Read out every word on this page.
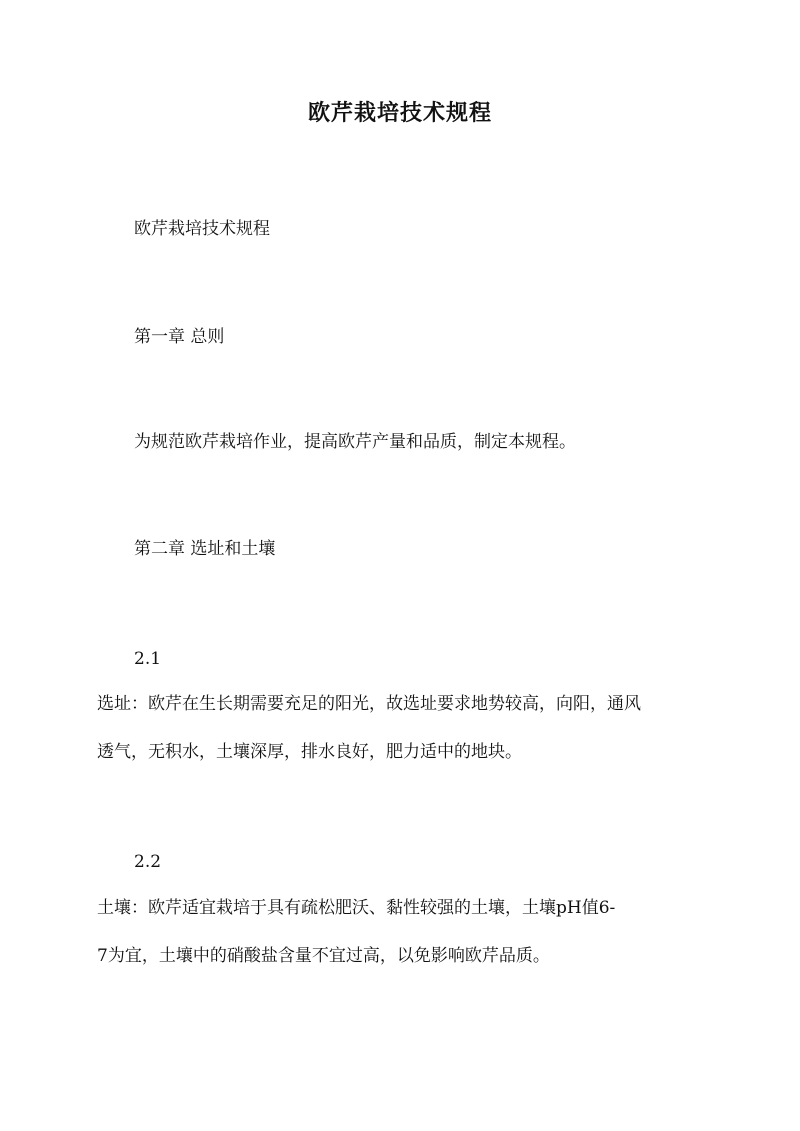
欧芹栽培技术规程
欧芹栽培技术规程
第一章 总则
为规范欧芹栽培作业，提高欧芹产量和品质，制定本规程。
第二章 选址和土壤
2.1
选址：欧芹在生长期需要充足的阳光，故选址要求地势较高，向阳，通风
透气，无积水，土壤深厚，排水良好，肥力适中的地块。
2.2
土壤：欧芹适宜栽培于具有疏松肥沃、黏性较强的土壤，土壤pH值6-
7为宜，土壤中的硝酸盐含量不宜过高，以免影响欧芹品质。
